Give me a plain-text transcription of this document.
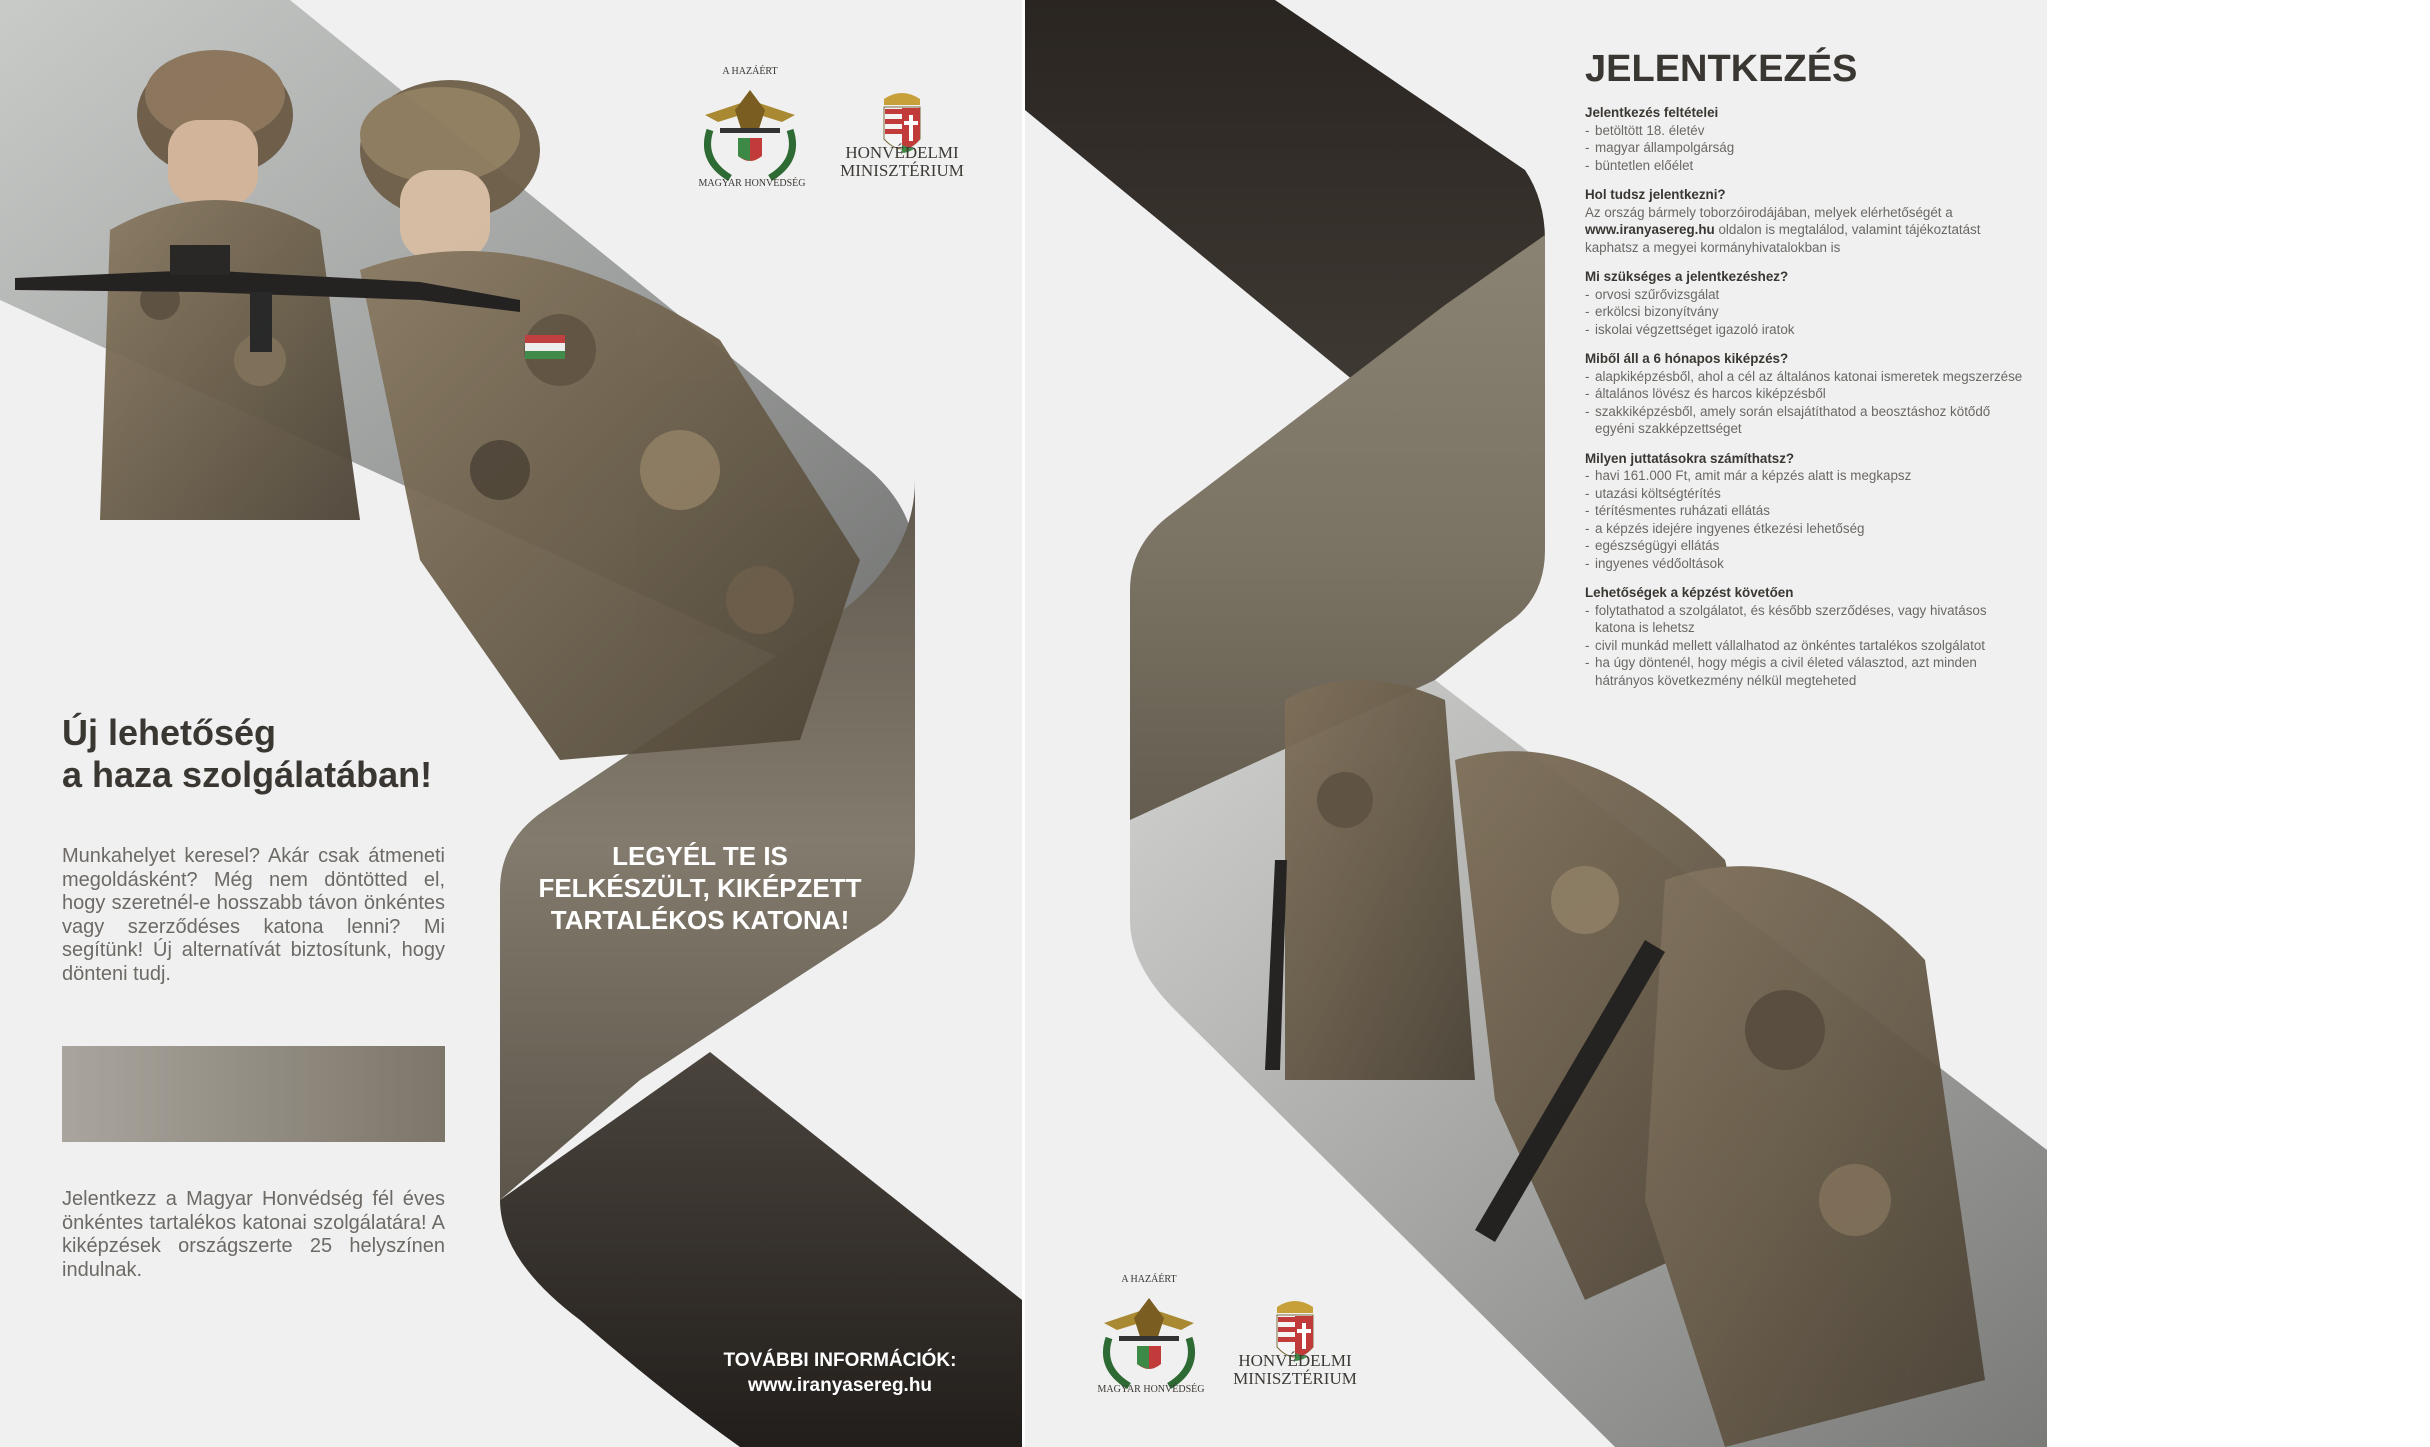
A HAZÁÉRT
MAGYAR HONVÉDSÉG
HONVÉDELMI
MINISZTÉRIUM
Új lehetőség
a haza szolgálatában!
Munkahelyet keresel? Akár csak átmeneti megoldásként? Még nem döntötted el, hogy szeretnél-e hosszabb távon önkéntes vagy szerződéses katona lenni? Mi segítünk! Új alternatívát biztosítunk, hogy dönteni tudj.
Jelentkezz a Magyar Honvédség fél éves önkéntes tartalékos katonai szolgálatára! A kiképzések országszerte 25 helyszínen indulnak.
LEGYÉL TE IS
FELKÉSZÜLT, KIKÉPZETT
TARTALÉKOS KATONA!
TOVÁBBI INFORMÁCIÓK:
www.iranyasereg.hu
ÖNKÉNTES
KATONAI SZOLGÁLAT
JELENTKEZÉS
Jelentkezés feltételei
- betöltött 18. életév
- magyar állampolgárság
- büntetlen előélet
Hol tudsz jelentkezni?
Az ország bármely toborzóirodájában, melyek elérhetőségét a www.iranyasereg.hu oldalon is megtalálod, valamint tájékoztatást kaphatsz a megyei kormányhivatalokban is
Mi szükséges a jelentkezéshez?
- orvosi szűrővizsgálat
- erkölcsi bizonyítvány
- iskolai végzettséget igazoló iratok
Miből áll a 6 hónapos kiképzés?
- alapkiképzésből, ahol a cél az általános katonai ismeretek megszerzése
- általános lövész és harcos kiképzésből
- szakkiképzésből, amely során elsajátíthatod a beosztáshoz kötődő egyéni szakképzettséget
Milyen juttatásokra számíthatsz?
- havi 161.000 Ft, amit már a képzés alatt is megkapsz
- utazási költségtérítés
- térítésmentes ruházati ellátás
- a képzés idejére ingyenes étkezési lehetőség
- egészségügyi ellátás
- ingyenes védőoltások
Lehetőségek a képzést követően
- folytathatod a szolgálatot, és később szerződéses, vagy hivatásos katona is lehetsz
- civil munkád mellett vállalhatod az önkéntes tartalékos szolgálatot
- ha úgy döntenél, hogy mégis a civil életed választod, azt minden hátrányos következmény nélkül megteheted
A HAZÁÉRT
MAGYAR HONVÉDSÉG
HONVÉDELMI
MINISZTÉRIUM
